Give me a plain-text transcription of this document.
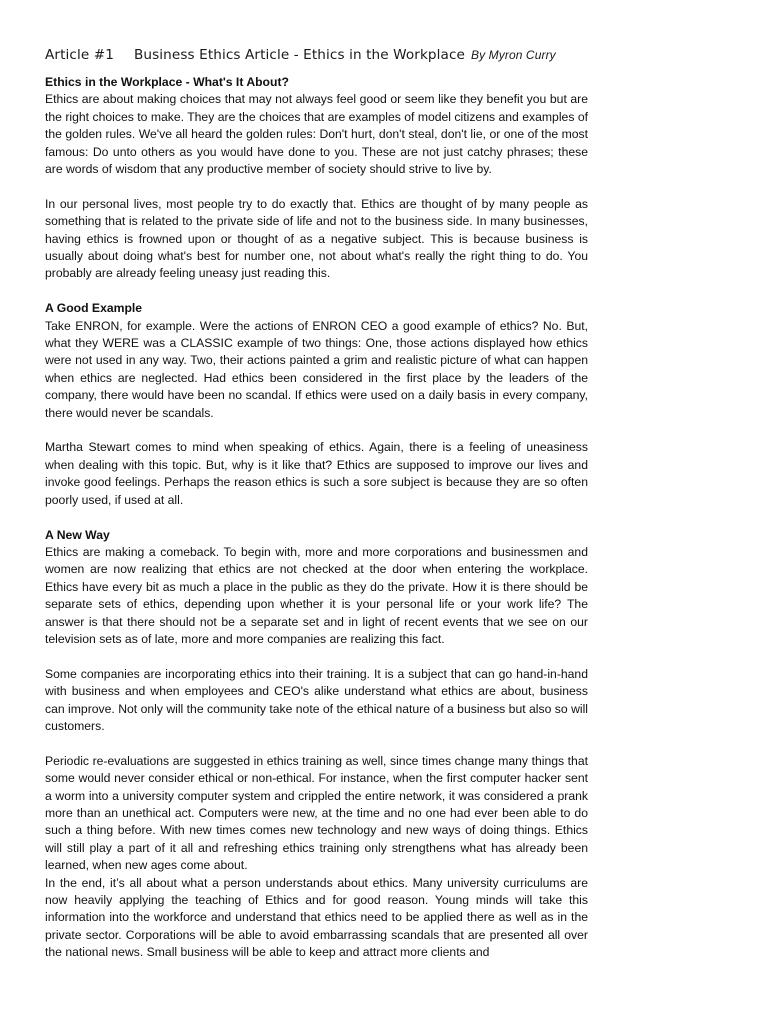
Article #1 Business Ethics Article - Ethics in the Workplace By Myron Curry

Ethics in the Workplace - What's It About?

Ethics are about making choices that may not always feel good or seem like they benefit you but are the right choices to make. They are the choices that are examples of model citizens and examples of the golden rules. We've all heard the golden rules: Don't hurt, don't steal, don't lie, or one of the most famous: Do unto others as you would have done to you. These are not just catchy phrases; these are words of wisdom that any productive member of society should strive to live by.

In our personal lives, most people try to do exactly that. Ethics are thought of by many people as something that is related to the private side of life and not to the business side. In many businesses, having ethics is frowned upon or thought of as a negative subject. This is because business is usually about doing what's best for number one, not about what's really the right thing to do. You probably are already feeling uneasy just reading this.

A Good Example

Take ENRON, for example. Were the actions of ENRON CEO a good example of ethics? No. But, what they WERE was a CLASSIC example of two things: One, those actions displayed how ethics were not used in any way. Two, their actions painted a grim and realistic picture of what can happen when ethics are neglected. Had ethics been considered in the first place by the leaders of the company, there would have been no scandal. If ethics were used on a daily basis in every company, there would never be scandals.

Martha Stewart comes to mind when speaking of ethics. Again, there is a feeling of uneasiness when dealing with this topic. But, why is it like that? Ethics are supposed to improve our lives and invoke good feelings. Perhaps the reason ethics is such a sore subject is because they are so often poorly used, if used at all.

A New Way

Ethics are making a comeback. To begin with, more and more corporations and businessmen and women are now realizing that ethics are not checked at the door when entering the workplace. Ethics have every bit as much a place in the public as they do the private. How it is there should be separate sets of ethics, depending upon whether it is your personal life or your work life? The answer is that there should not be a separate set and in light of recent events that we see on our television sets as of late, more and more companies are realizing this fact.

Some companies are incorporating ethics into their training. It is a subject that can go hand-in-hand with business and when employees and CEO's alike understand what ethics are about, business can improve. Not only will the community take note of the ethical nature of a business but also so will customers.

Periodic re-evaluations are suggested in ethics training as well, since times change many things that some would never consider ethical or non-ethical. For instance, when the first computer hacker sent a worm into a university computer system and crippled the entire network, it was considered a prank more than an unethical act. Computers were new, at the time and no one had ever been able to do such a thing before. With new times comes new technology and new ways of doing things. Ethics will still play a part of it all and refreshing ethics training only strengthens what has already been learned, when new ages come about.

In the end, it’s all about what a person understands about ethics. Many university curriculums are now heavily applying the teaching of Ethics and for good reason. Young minds will take this information into the workforce and understand that ethics need to be applied there as well as in the private sector. Corporations will be able to avoid embarrassing scandals that are presented all over the national news. Small business will be able to keep and attract more clients and
